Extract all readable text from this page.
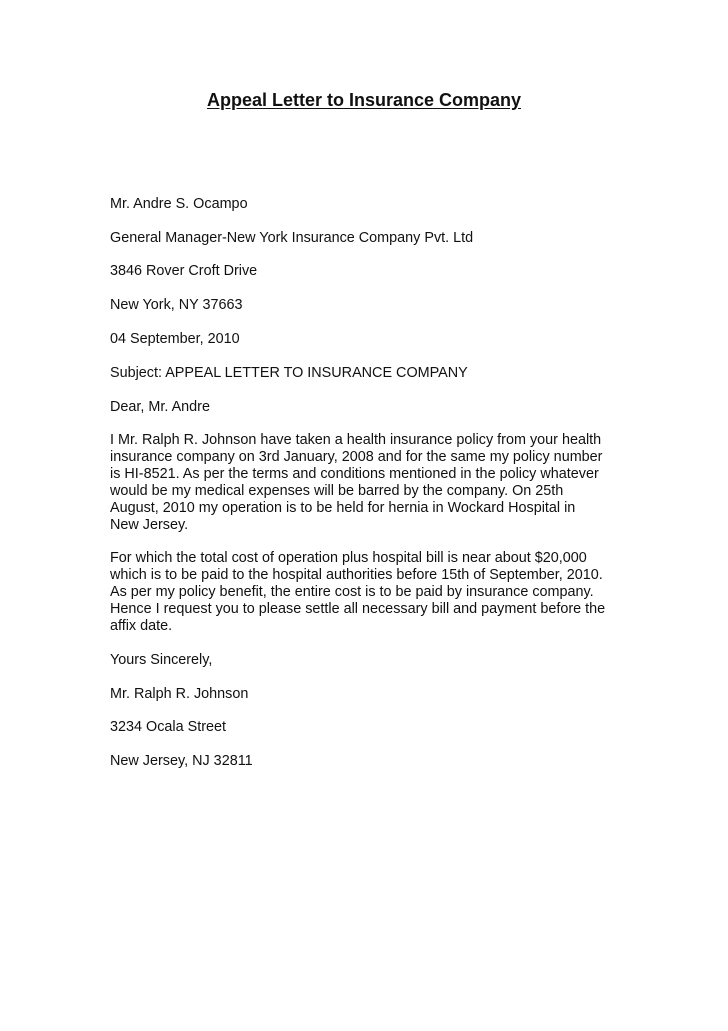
Appeal Letter to Insurance Company
Mr. Andre S. Ocampo
General Manager-New York Insurance Company Pvt. Ltd
3846 Rover Croft Drive
New York, NY 37663
04 September, 2010
Subject: APPEAL LETTER TO INSURANCE COMPANY
Dear, Mr. Andre
I Mr. Ralph R. Johnson have taken a health insurance policy from your health
insurance company on 3rd January, 2008 and for the same my policy number
is HI-8521. As per the terms and conditions mentioned in the policy whatever
would be my medical expenses will be barred by the company. On 25th
August, 2010 my operation is to be held for hernia in Wockard Hospital in
New Jersey.
For which the total cost of operation plus hospital bill is near about $20,000
which is to be paid to the hospital authorities before 15th of September, 2010.
As per my policy benefit, the entire cost is to be paid by insurance company.
Hence I request you to please settle all necessary bill and payment before the
affix date.
Yours Sincerely,
Mr. Ralph R. Johnson
3234 Ocala Street
New Jersey, NJ 32811
